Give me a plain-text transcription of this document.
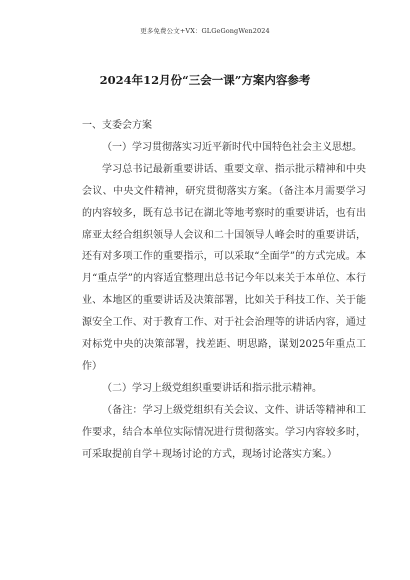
更多免费公文+VX：GLGeGongWen2024
2024年12月份“三会一课”方案内容参考

一、支委会方案

（一）学习贯彻落实习近平新时代中国特色社会主义思想。

学习总书记最新重要讲话、重要文章、指示批示精神和中央会议、中央文件精神，研究贯彻落实方案。（备注本月需要学习的内容较多，既有总书记在湖北等地考察时的重要讲话，也有出席亚太经合组织领导人会议和二十国领导人峰会时的重要讲话，还有对多项工作的重要指示，可以采取“全面学”的方式完成。本月“重点学”的内容适宜整理出总书记今年以来关于本单位、本行业、本地区的重要讲话及决策部署，比如关于科技工作、关于能源安全工作、对于教育工作、对于社会治理等的讲话内容，通过对标党中央的决策部署，找差距、明思路，谋划2025年重点工作）

（二）学习上级党组织重要讲话和指示批示精神。

（备注：学习上级党组织有关会议、文件、讲话等精神和工作要求，结合本单位实际情况进行贯彻落实。学习内容较多时，可采取提前自学＋现场讨论的方式，现场讨论落实方案。）
